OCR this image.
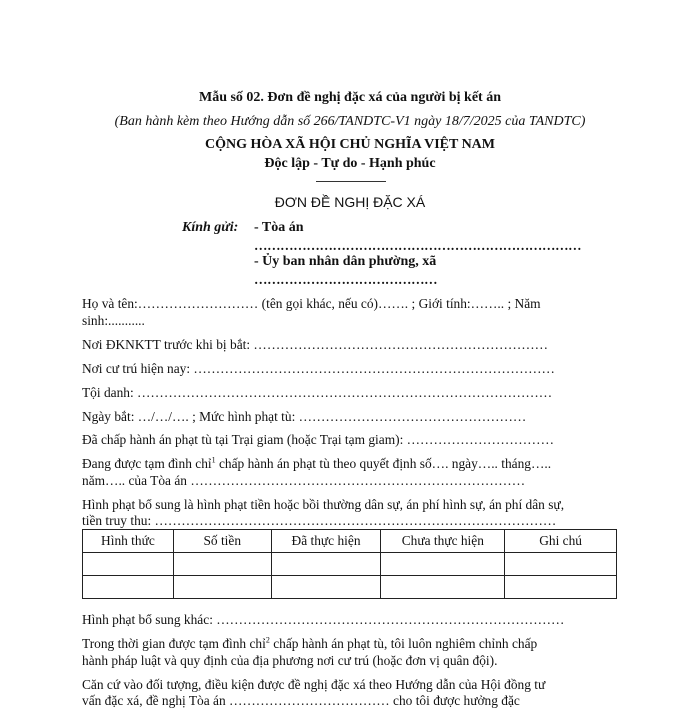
Mẫu số 02. Đơn đề nghị đặc xá của người bị kết án
(Ban hành kèm theo Hướng dẫn số 266/TANDTC-V1 ngày 18/7/2025 của TANDTC)
CỘNG HÒA XÃ HỘI CHỦ NGHĨA VIỆT NAM
Độc lập - Tự do - Hạnh phúc
ĐƠN ĐỀ NGHỊ ĐẶC XÁ
Kính gửi: - Tòa án
…………………………………………………………………
- Ủy ban nhân dân phường, xã
……………………………………
Họ và tên:……………………… (tên gọi khác, nếu có)……. ; Giới tính:…….. ; Năm
sinh:...........
Nơi ĐKNKTT trước khi bị bắt: …………………………………………………………
Nơi cư trú hiện nay: ………………………………………………………………………
Tội danh: …………………………………………………………………………………
Ngày bắt: …/…/…. ; Mức hình phạt tù: ……………………………………………
Đã chấp hành án phạt tù tại Trại giam (hoặc Trại tạm giam): ……………………………
Đang được tạm đình chỉ$^1$ chấp hành án phạt tù theo quyết định số…. ngày….. tháng…..
năm….. của Tòa án …………………………………………………………………
Hình phạt bổ sung là hình phạt tiền hoặc bồi thường dân sự, án phí hình sự, án phí dân sự,
tiền truy thu: ………………………………………………………………………………
Hình thức	Số tiền	Đã thực hiện	Chưa thực hiện	Ghi chú

Hình phạt bổ sung khác: ……………………………………………………………………
Trong thời gian được tạm đình chỉ$^2$ chấp hành án phạt tù, tôi luôn nghiêm chỉnh chấp
hành pháp luật và quy định của địa phương nơi cư trú (hoặc đơn vị quân đội).
Căn cứ vào đối tượng, điều kiện được đề nghị đặc xá theo Hướng dẫn của Hội đồng tư
vấn đặc xá, đề nghị Tòa án ……………………………… cho tôi được hưởng đặc
